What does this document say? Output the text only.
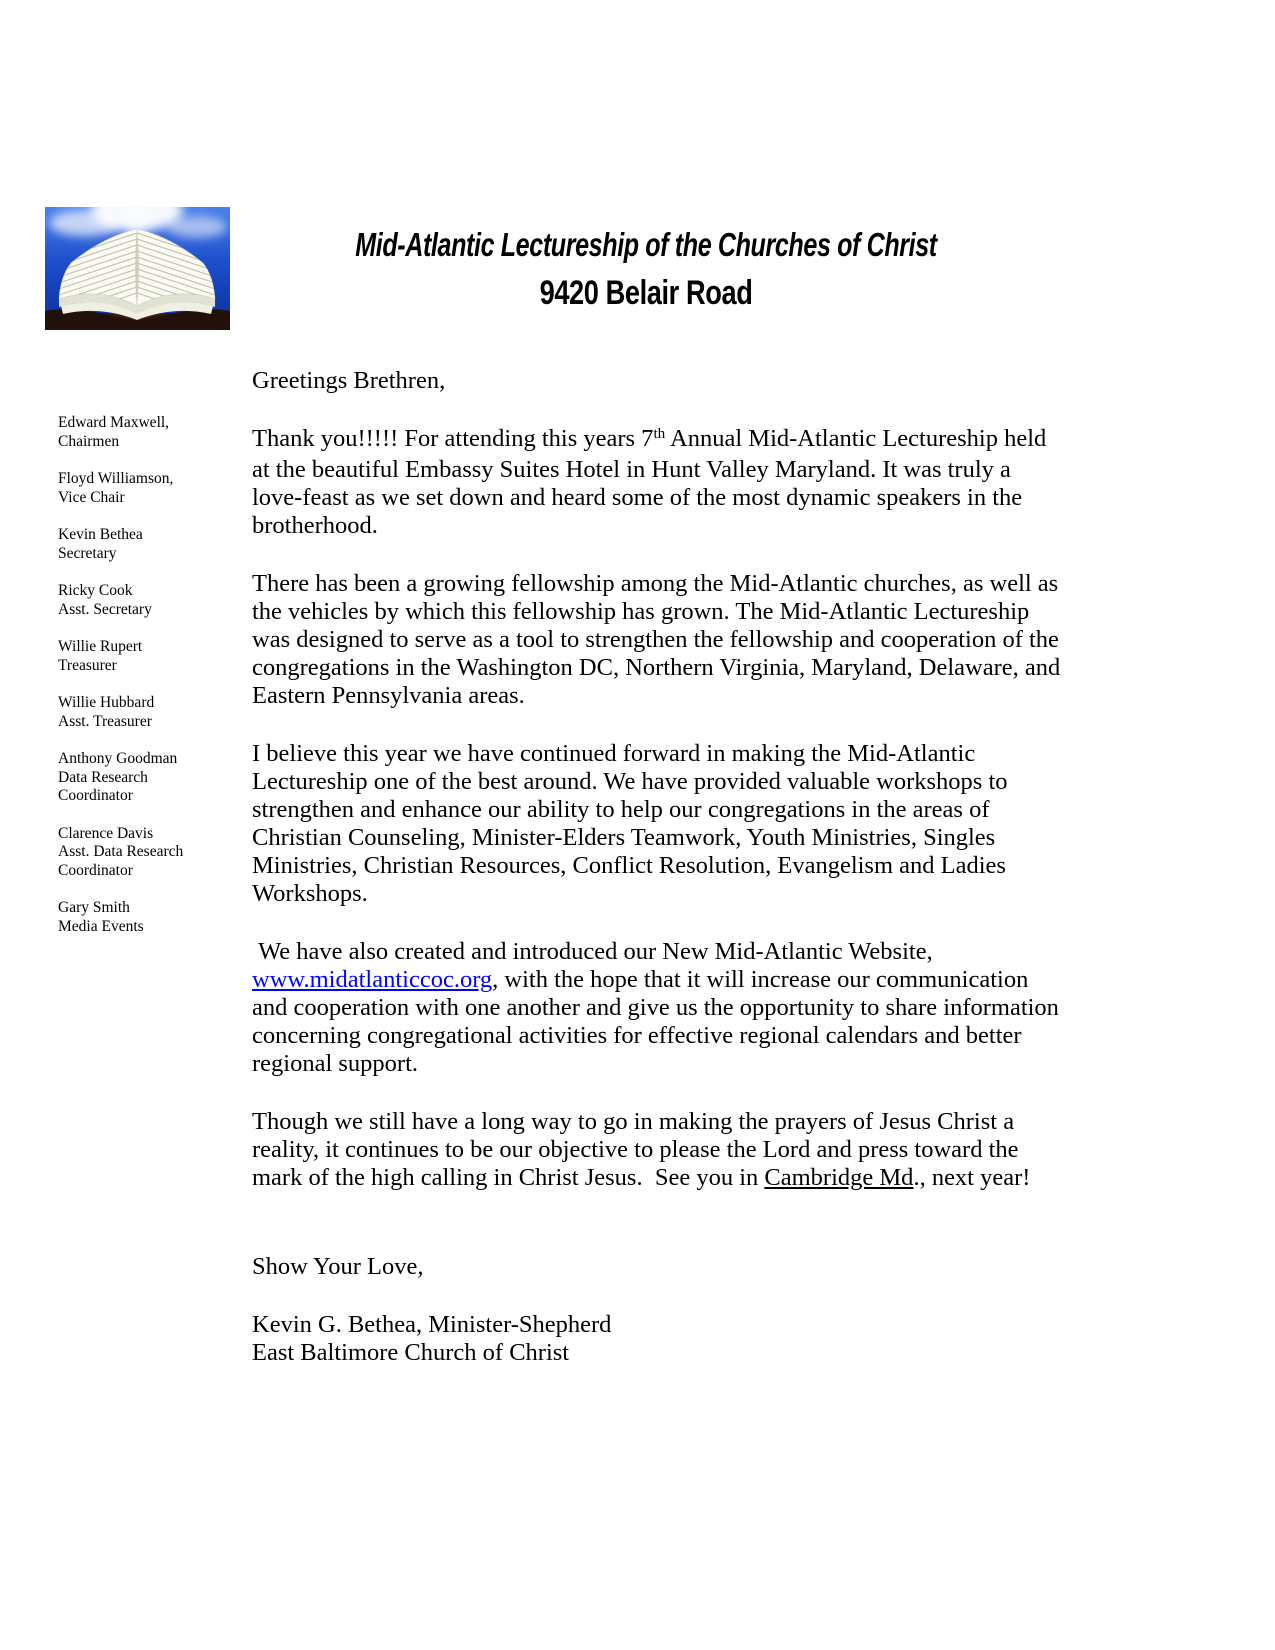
Mid-Atlantic Lectureship of the Churches of Christ
9420 Belair Road
Edward Maxwell,
Chairmen
Floyd Williamson,
Vice Chair
Kevin Bethea
Secretary
Ricky Cook
Asst. Secretary
Willie Rupert
Treasurer
Willie Hubbard
Asst. Treasurer
Anthony Goodman
Data Research Coordinator
Clarence Davis
Asst. Data Research Coordinator
Gary Smith
Media Events

Greetings Brethren,

Thank you!!!!! For attending this years 7th Annual Mid-Atlantic Lectureship held at the beautiful Embassy Suites Hotel in Hunt Valley Maryland. It was truly a love-feast as we set down and heard some of the most dynamic speakers in the brotherhood.

There has been a growing fellowship among the Mid-Atlantic churches, as well as the vehicles by which this fellowship has grown. The Mid-Atlantic Lectureship was designed to serve as a tool to strengthen the fellowship and cooperation of the congregations in the Washington DC, Northern Virginia, Maryland, Delaware, and Eastern Pennsylvania areas.

I believe this year we have continued forward in making the Mid-Atlantic Lectureship one of the best around. We have provided valuable workshops to strengthen and enhance our ability to help our congregations in the areas of Christian Counseling, Minister-Elders Teamwork, Youth Ministries, Singles Ministries, Christian Resources, Conflict Resolution, Evangelism and Ladies Workshops.

We have also created and introduced our New Mid-Atlantic Website, www.midatlanticcoc.org, with the hope that it will increase our communication and cooperation with one another and give us the opportunity to share information concerning congregational activities for effective regional calendars and better regional support.

Though we still have a long way to go in making the prayers of Jesus Christ a reality, it continues to be our objective to please the Lord and press toward the mark of the high calling in Christ Jesus.  See you in Cambridge Md., next year!

Show Your Love,

Kevin G. Bethea, Minister-Shepherd
East Baltimore Church of Christ
